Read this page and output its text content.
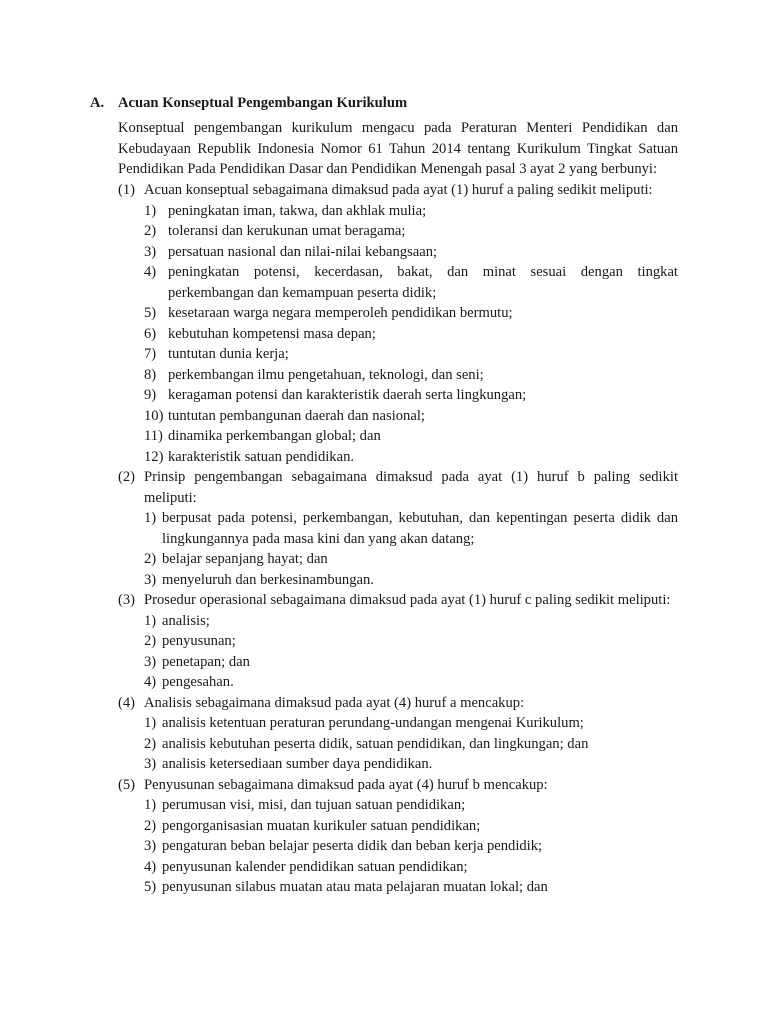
A. Acuan Konseptual Pengembangan Kurikulum
Konseptual pengembangan kurikulum mengacu pada Peraturan Menteri Pendidikan dan Kebudayaan Republik Indonesia Nomor 61 Tahun 2014 tentang Kurikulum Tingkat Satuan Pendidikan Pada Pendidikan Dasar dan Pendidikan Menengah pasal 3 ayat 2 yang berbunyi:
(1) Acuan konseptual sebagaimana dimaksud pada ayat (1) huruf a paling sedikit meliputi:
1) peningkatan iman, takwa, dan akhlak mulia;
2) toleransi dan kerukunan umat beragama;
3) persatuan nasional dan nilai-nilai kebangsaan;
4) peningkatan potensi, kecerdasan, bakat, dan minat sesuai dengan tingkat perkembangan dan kemampuan peserta didik;
5) kesetaraan warga negara memperoleh pendidikan bermutu;
6) kebutuhan kompetensi masa depan;
7) tuntutan dunia kerja;
8) perkembangan ilmu pengetahuan, teknologi, dan seni;
9) keragaman potensi dan karakteristik daerah serta lingkungan;
10) tuntutan pembangunan daerah dan nasional;
11) dinamika perkembangan global; dan
12) karakteristik satuan pendidikan.
(2) Prinsip pengembangan sebagaimana dimaksud pada ayat (1) huruf b paling sedikit meliputi:
1) berpusat pada potensi, perkembangan, kebutuhan, dan kepentingan peserta didik dan lingkungannya pada masa kini dan yang akan datang;
2) belajar sepanjang hayat; dan
3) menyeluruh dan berkesinambungan.
(3) Prosedur operasional sebagaimana dimaksud pada ayat (1) huruf c paling sedikit meliputi:
1) analisis;
2) penyusunan;
3) penetapan; dan
4) pengesahan.
(4) Analisis sebagaimana dimaksud pada ayat (4) huruf a mencakup:
1) analisis ketentuan peraturan perundang-undangan mengenai Kurikulum;
2) analisis kebutuhan peserta didik, satuan pendidikan, dan lingkungan; dan
3) analisis ketersediaan sumber daya pendidikan.
(5) Penyusunan sebagaimana dimaksud pada ayat (4) huruf b mencakup:
1) perumusan visi, misi, dan tujuan satuan pendidikan;
2) pengorganisasian muatan kurikuler satuan pendidikan;
3) pengaturan beban belajar peserta didik dan beban kerja pendidik;
4) penyusunan kalender pendidikan satuan pendidikan;
5) penyusunan silabus muatan atau mata pelajaran muatan lokal; dan
